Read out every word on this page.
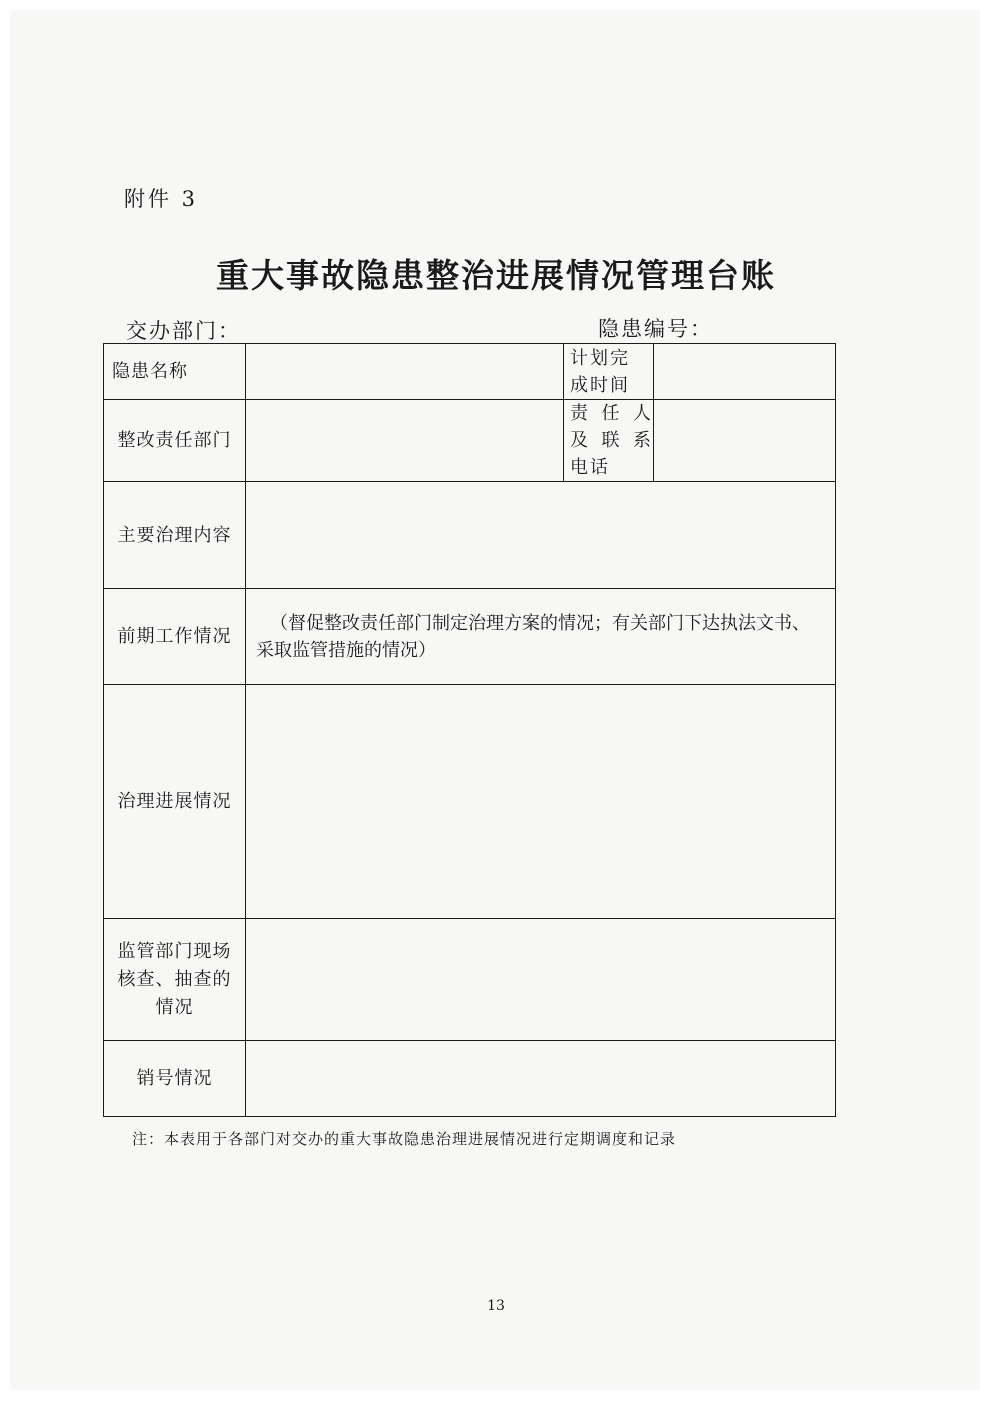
附件 3
重大事故隐患整治进展情况管理台账
交办部门：	隐患编号：
隐患名称		计划完
成时间	

整改责任部门		责任人
及联系
电话	

主要治理内容			
前期工作情况	（督促整改责任部门制定治理方案的情况；有关部门下达执法文书、采取监管措施的情况）		

治理进展情况			

监管部门现场
核查、抽查的
情况			

销号情况			
注：本表用于各部门对交办的重大事故隐患治理进展情况进行定期调度和记录
13
